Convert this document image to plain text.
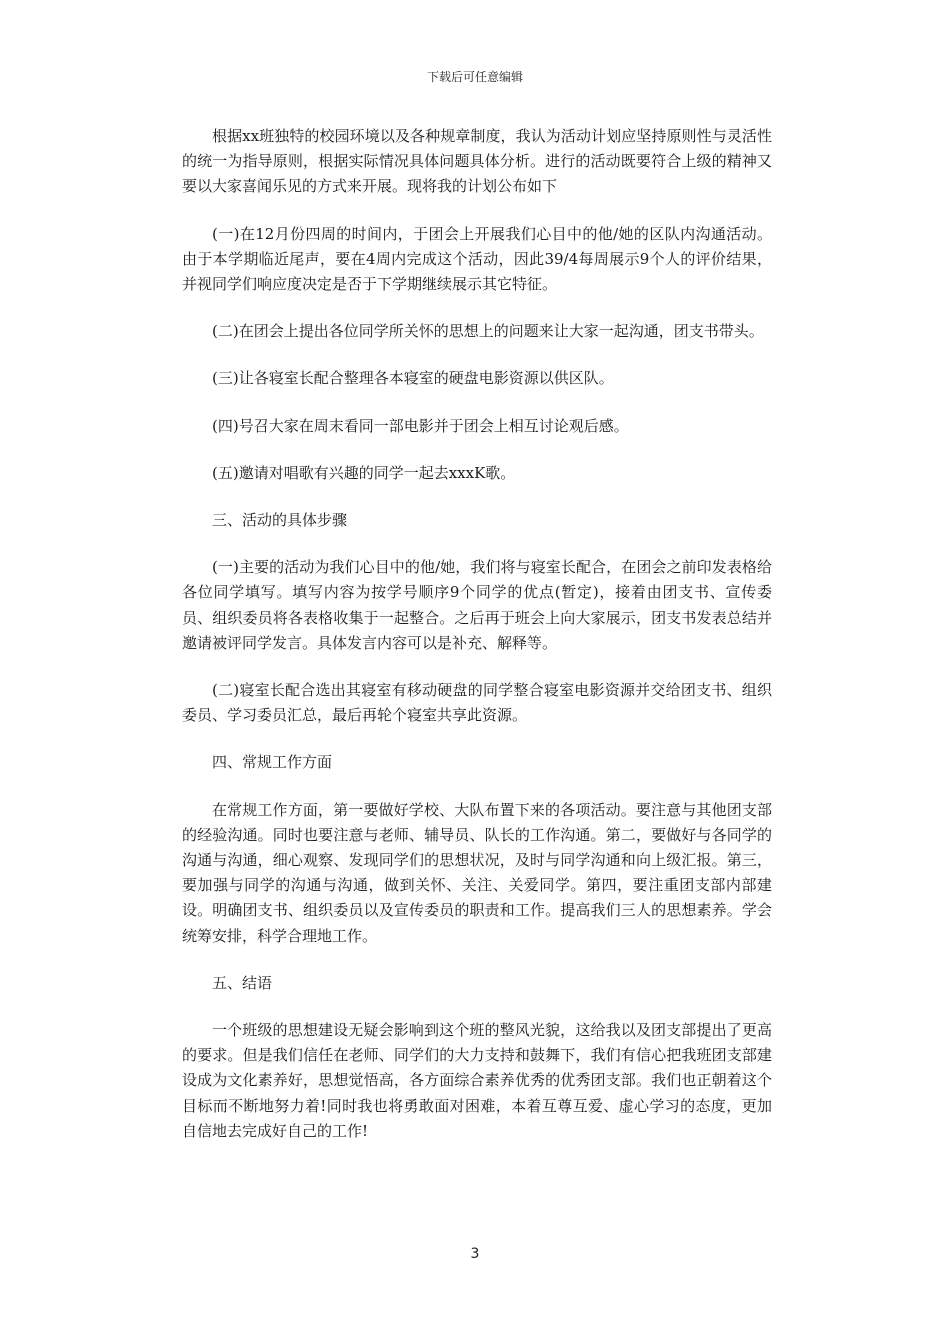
下载后可任意编辑

根据xx班独特的校园环境以及各种规章制度，我认为活动计划应坚持原则性与灵活性的统一为指导原则，根据实际情况具体问题具体分析。进行的活动既要符合上级的精神又要以大家喜闻乐见的方式来开展。现将我的计划公布如下

(一)在12月份四周的时间内，于团会上开展我们心目中的他/她的区队内沟通活动。由于本学期临近尾声，要在4周内完成这个活动，因此39/4每周展示9个人的评价结果，并视同学们响应度决定是否于下学期继续展示其它特征。

(二)在团会上提出各位同学所关怀的思想上的问题来让大家一起沟通，团支书带头。

(三)让各寝室长配合整理各本寝室的硬盘电影资源以供区队。

(四)号召大家在周末看同一部电影并于团会上相互讨论观后感。

(五)邀请对唱歌有兴趣的同学一起去xxxK歌。

三、活动的具体步骤

(一)主要的活动为我们心目中的他/她，我们将与寝室长配合，在团会之前印发表格给各位同学填写。填写内容为按学号顺序9个同学的优点(暂定)，接着由团支书、宣传委员、组织委员将各表格收集于一起整合。之后再于班会上向大家展示，团支书发表总结并邀请被评同学发言。具体发言内容可以是补充、解释等。

(二)寝室长配合选出其寝室有移动硬盘的同学整合寝室电影资源并交给团支书、组织委员、学习委员汇总，最后再轮个寝室共享此资源。

四、常规工作方面

在常规工作方面，第一要做好学校、大队布置下来的各项活动。要注意与其他团支部的经验沟通。同时也要注意与老师、辅导员、队长的工作沟通。第二，要做好与各同学的沟通与沟通，细心观察、发现同学们的思想状况，及时与同学沟通和向上级汇报。第三，要加强与同学的沟通与沟通，做到关怀、关注、关爱同学。第四，要注重团支部内部建设。明确团支书、组织委员以及宣传委员的职责和工作。提高我们三人的思想素养。学会统筹安排，科学合理地工作。

五、结语

一个班级的思想建设无疑会影响到这个班的整风光貌，这给我以及团支部提出了更高的要求。但是我们信任在老师、同学们的大力支持和鼓舞下，我们有信心把我班团支部建设成为文化素养好，思想觉悟高，各方面综合素养优秀的优秀团支部。我们也正朝着这个目标而不断地努力着!同时我也将勇敢面对困难，本着互尊互爱、虚心学习的态度，更加自信地去完成好自己的工作!

3
